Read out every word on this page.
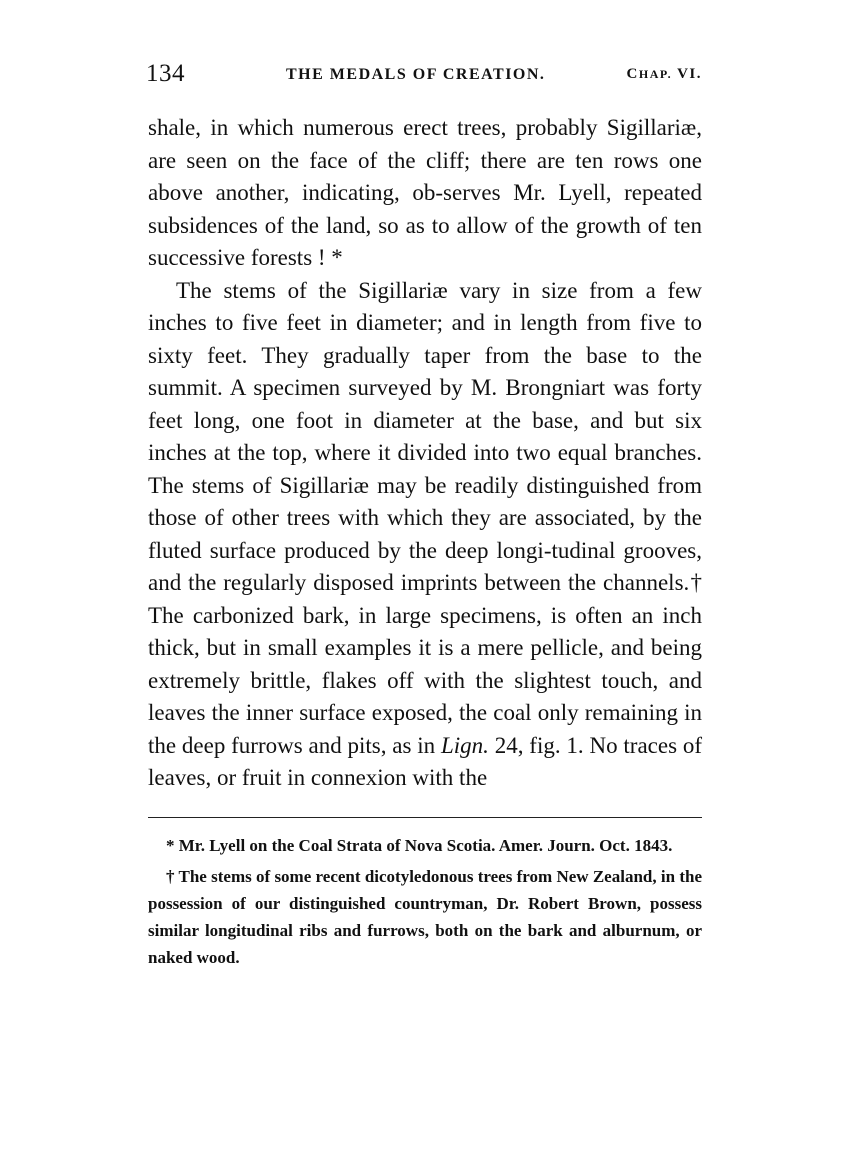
134	THE MEDALS OF CREATION.	CHAP. VI.

shale, in which numerous erect trees, probably Sigillariæ, are seen on the face of the cliff; there are ten rows one above another, indicating, ob-serves Mr. Lyell, repeated subsidences of the land, so as to allow of the growth of ten successive forests ! *

The stems of the Sigillariæ vary in size from a few inches to five feet in diameter; and in length from five to sixty feet. They gradually taper from the base to the summit. A specimen surveyed by M. Brongniart was forty feet long, one foot in diameter at the base, and but six inches at the top, where it divided into two equal branches. The stems of Sigillariæ may be readily distinguished from those of other trees with which they are associated, by the fluted surface produced by the deep longi-tudinal grooves, and the regularly disposed imprints between the channels.† The carbonized bark, in large specimens, is often an inch thick, but in small examples it is a mere pellicle, and being extremely brittle, flakes off with the slightest touch, and leaves the inner surface exposed, the coal only remaining in the deep furrows and pits, as in Lign. 24, fig. 1. No traces of leaves, or fruit in connexion with the

* Mr. Lyell on the Coal Strata of Nova Scotia. Amer. Journ. Oct. 1843.

† The stems of some recent dicotyledonous trees from New Zealand, in the possession of our distinguished countryman, Dr. Robert Brown, possess similar longitudinal ribs and furrows, both on the bark and alburnum, or naked wood.
